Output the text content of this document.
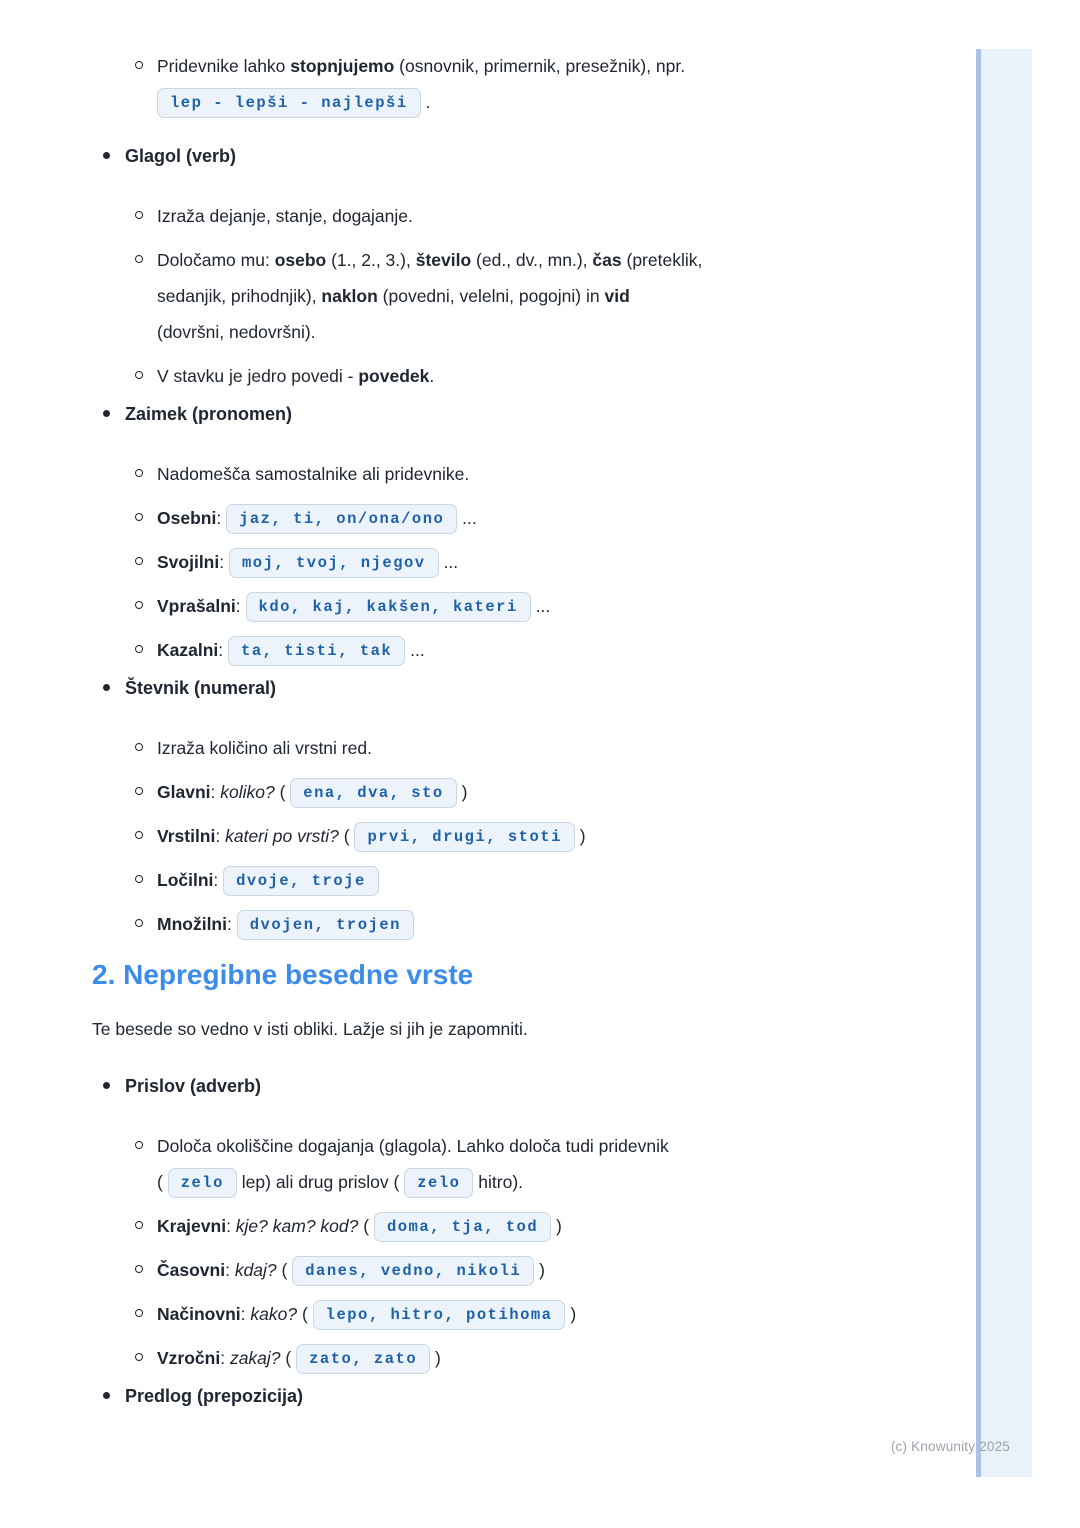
(c) Knowunity 2025
Pridevnike lahko stopnjujemo (osnovnik, primernik, presežnik), npr.
lep - lepši - najlepši .
Glagol (verb)
Izraža dejanje, stanje, dogajanje.
Določamo mu: osebo (1., 2., 3.), število (ed., dv., mn.), čas (preteklik,
sedanjik, prihodnjik), naklon (povedni, velelni, pogojni) in vid
(dovršni, nedovršni).
V stavku je jedro povedi - povedek.
Zaimek (pronomen)
Nadomešča samostalnike ali pridevnike.
Osebni: jaz, ti, on/ona/ono ...
Svojilni: moj, tvoj, njegov ...
Vprašalni: kdo, kaj, kakšen, kateri ...
Kazalni: ta, tisti, tak ...
Števnik (numeral)
Izraža količino ali vrstni red.
Glavni: koliko? ( ena, dva, sto )
Vrstilni: kateri po vrsti? ( prvi, drugi, stoti )
Ločilni: dvoje, troje
Množilni: dvojen, trojen
2. Nepregibne besedne vrste
Te besede so vedno v isti obliki. Lažje si jih je zapomniti.
Prislov (adverb)
Določa okoliščine dogajanja (glagola). Lahko določa tudi pridevnik
( zelo lep) ali drug prislov ( zelo hitro).
Krajevni: kje? kam? kod? ( doma, tja, tod )
Časovni: kdaj? ( danes, vedno, nikoli )
Načinovni: kako? ( lepo, hitro, potihoma )
Vzročni: zakaj? ( zato, zato )
Predlog (prepozicija)
